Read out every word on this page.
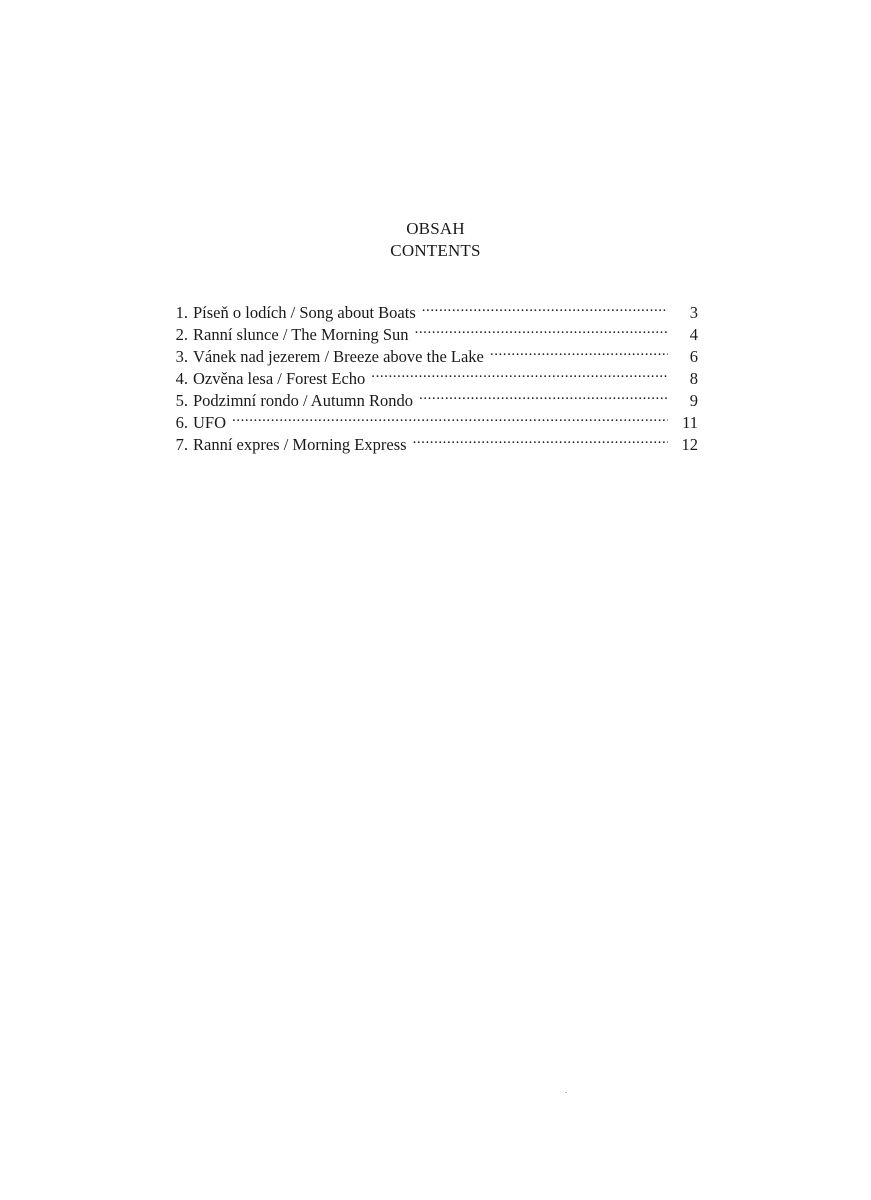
OBSAH
CONTENTS
1. Píseň o lodích / Song about Boats . . .	3
2. Ranní slunce / The Morning Sun . . .	4
3. Vánek nad jezerem / Breeze above the Lake . . .	6
4. Ozvěna lesa / Forest Echo . . .	8
5. Podzimní rondo / Autumn Rondo . . .	9
6. UFO . . .	11
7. Ranní expres / Morning Express . . .	12
